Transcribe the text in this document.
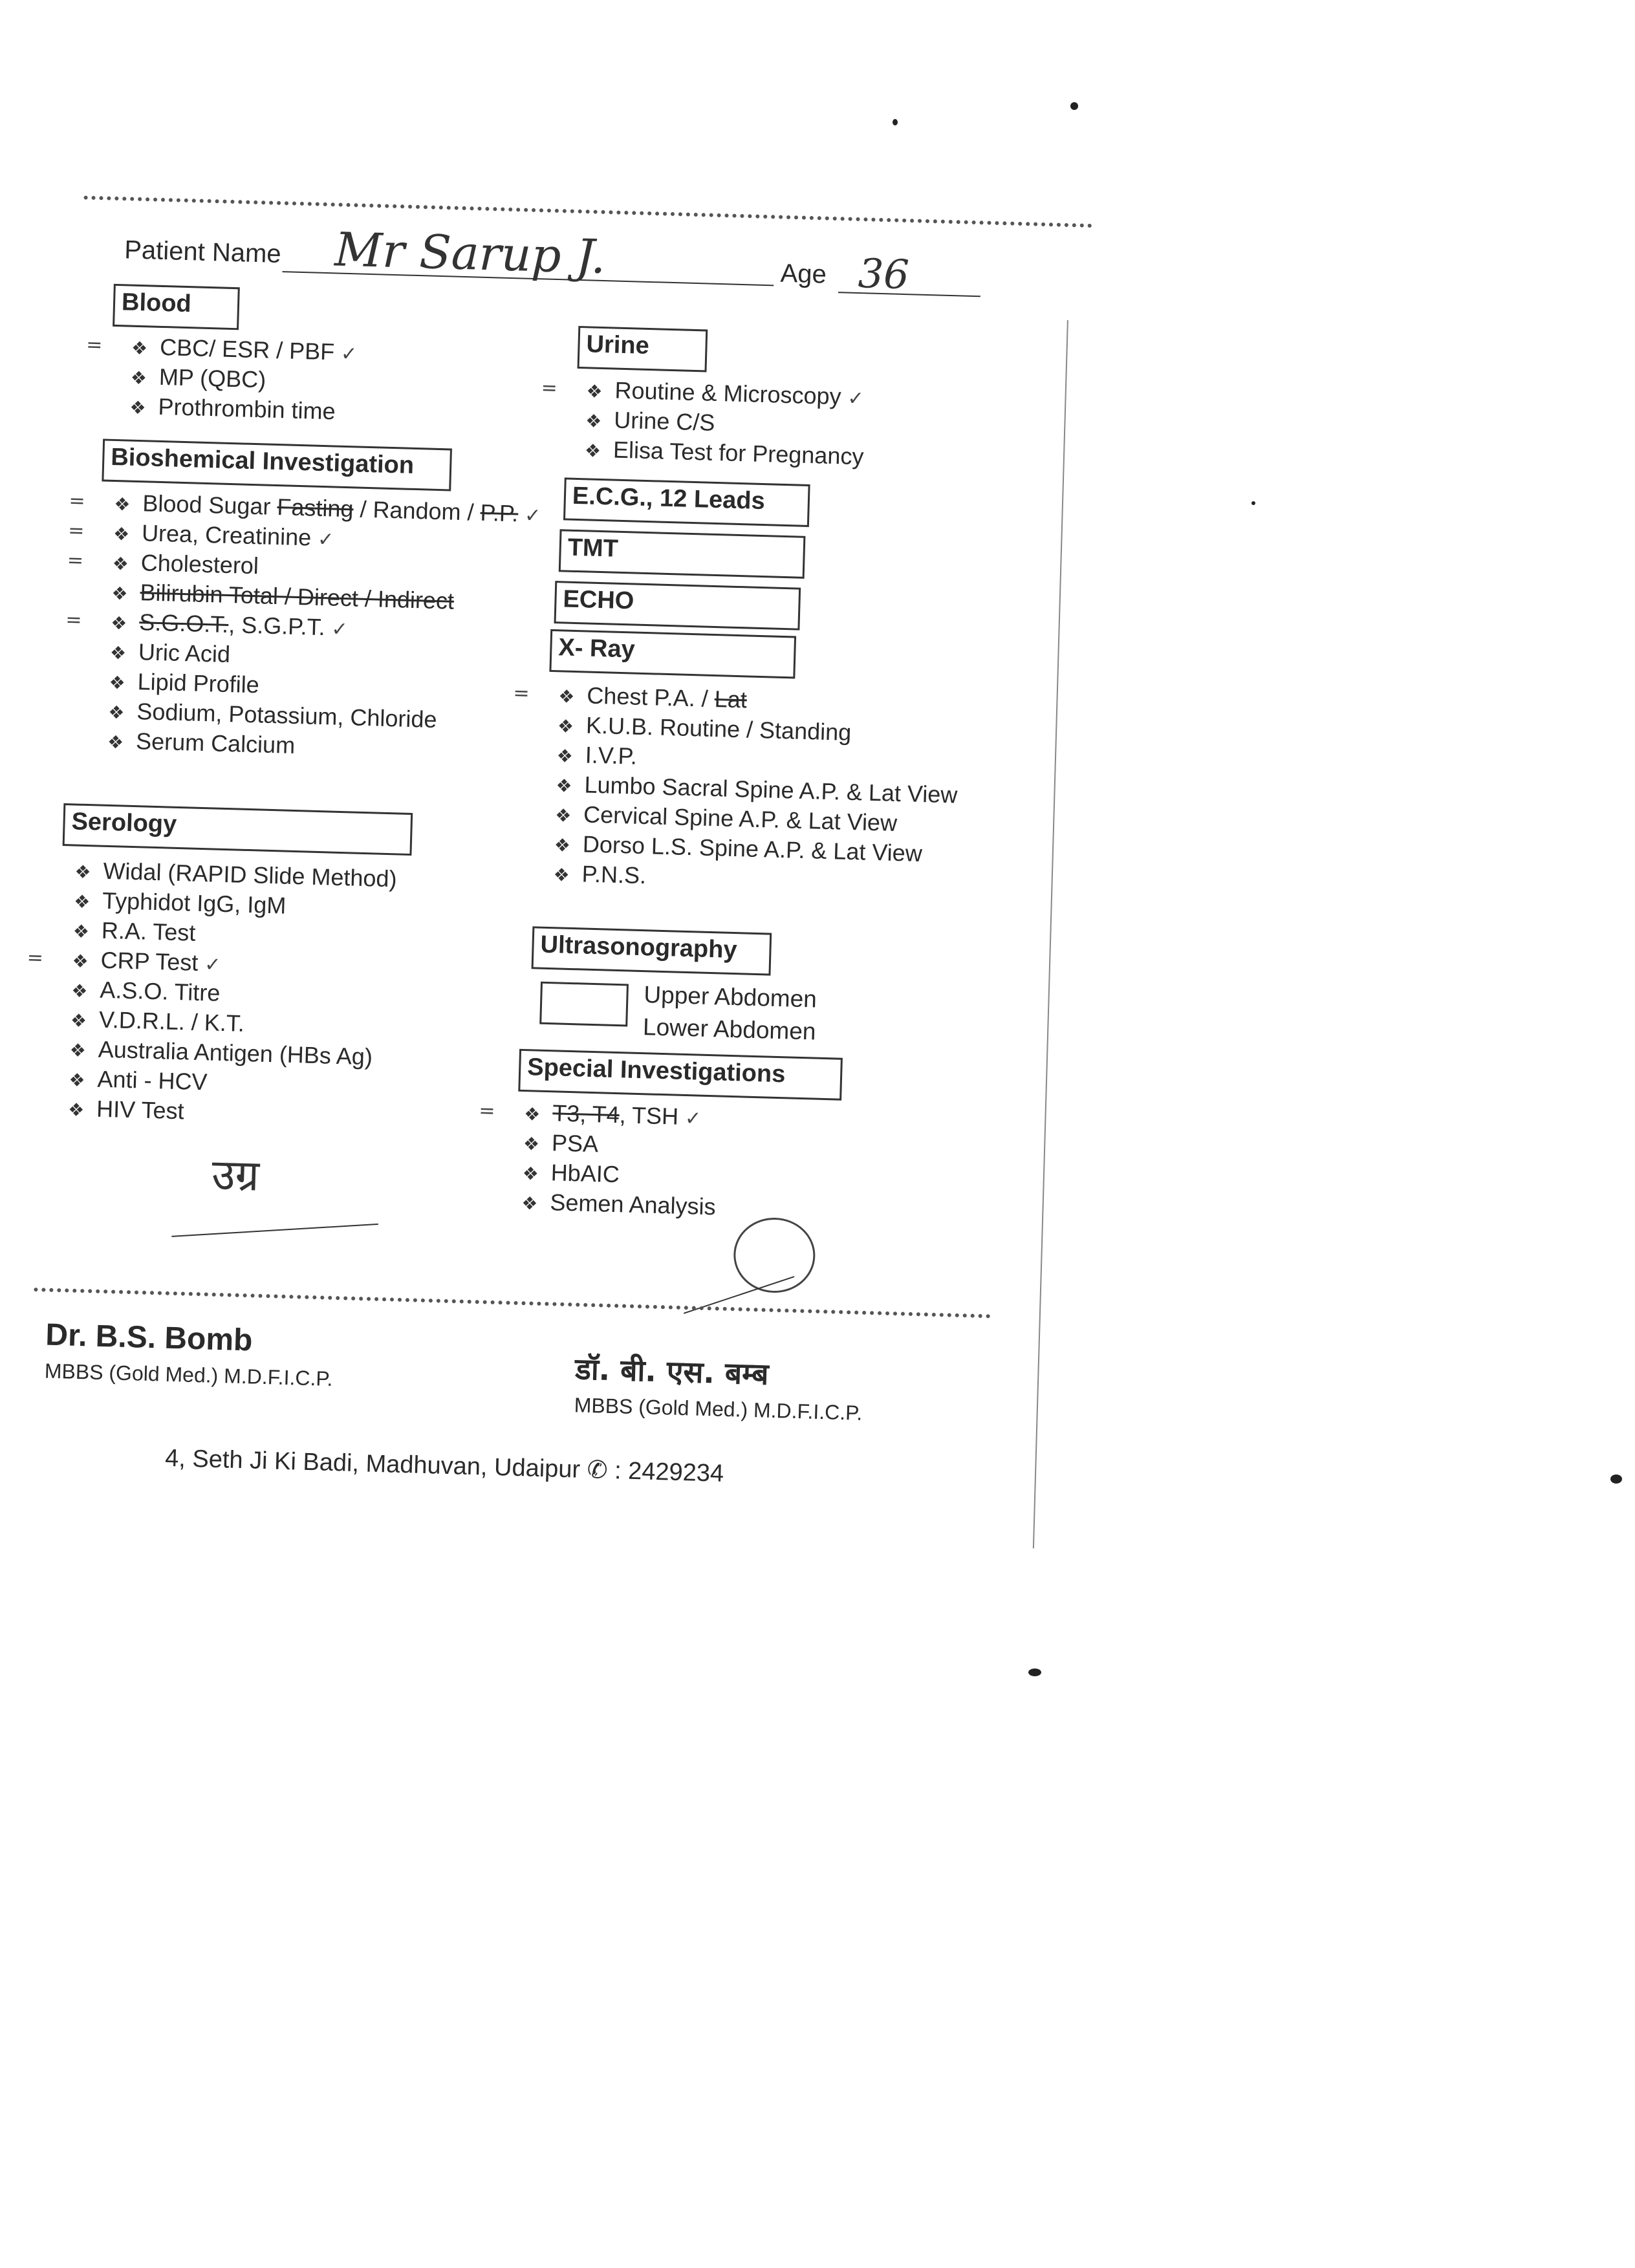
Patient Name Mr Sarup J.	Age 36
Blood
= ❖ CBC/ ESR / PBF ✓
❖ MP (QBC)
❖ Prothrombin time
Bioshemical Investigation
= ❖ Blood Sugar Fasting / Random / P.P. ✓
= ❖ Urea, Creatinine ✓
= ❖ Cholesterol
❖ Bilirubin Total / Direct / Indirect
= ❖ S.G.O.T., S.G.P.T. ✓
❖ Uric Acid
❖ Lipid Profile
❖ Sodium, Potassium, Chloride
❖ Serum Calcium
Serology
❖ Widal (RAPID Slide Method)
❖ Typhidot IgG, IgM
❖ R.A. Test
= ❖ CRP Test ✓
❖ A.S.O. Titre
❖ V.D.R.L. / K.T.
❖ Australia Antigen (HBs Ag)
❖ Anti - HCV
❖ HIV Test
उग्र
Urine
= ❖ Routine & Microscopy ✓
❖ Urine C/S
❖ Elisa Test for Pregnancy
E.C.G., 12 Leads
TMT
ECHO
X- Ray
= ❖ Chest P.A. / Lat
❖ K.U.B. Routine / Standing
❖ I.V.P.
❖ Lumbo Sacral Spine A.P. & Lat View
❖ Cervical Spine A.P. & Lat View
❖ Dorso L.S. Spine A.P. & Lat View
❖ P.N.S.
Ultrasonography
Upper Abdomen
Lower Abdomen
Special Investigations
= ❖ T3, T4, TSH ✓
❖ PSA
❖ HbAIC
❖ Semen Analysis
Dr. B.S. Bomb
MBBS (Gold Med.) M.D.F.I.C.P.	डॉ. बी. एस. बम्ब
MBBS (Gold Med.) M.D.F.I.C.P.
4, Seth Ji Ki Badi, Madhuvan, Udaipur ✆ : 2429234
